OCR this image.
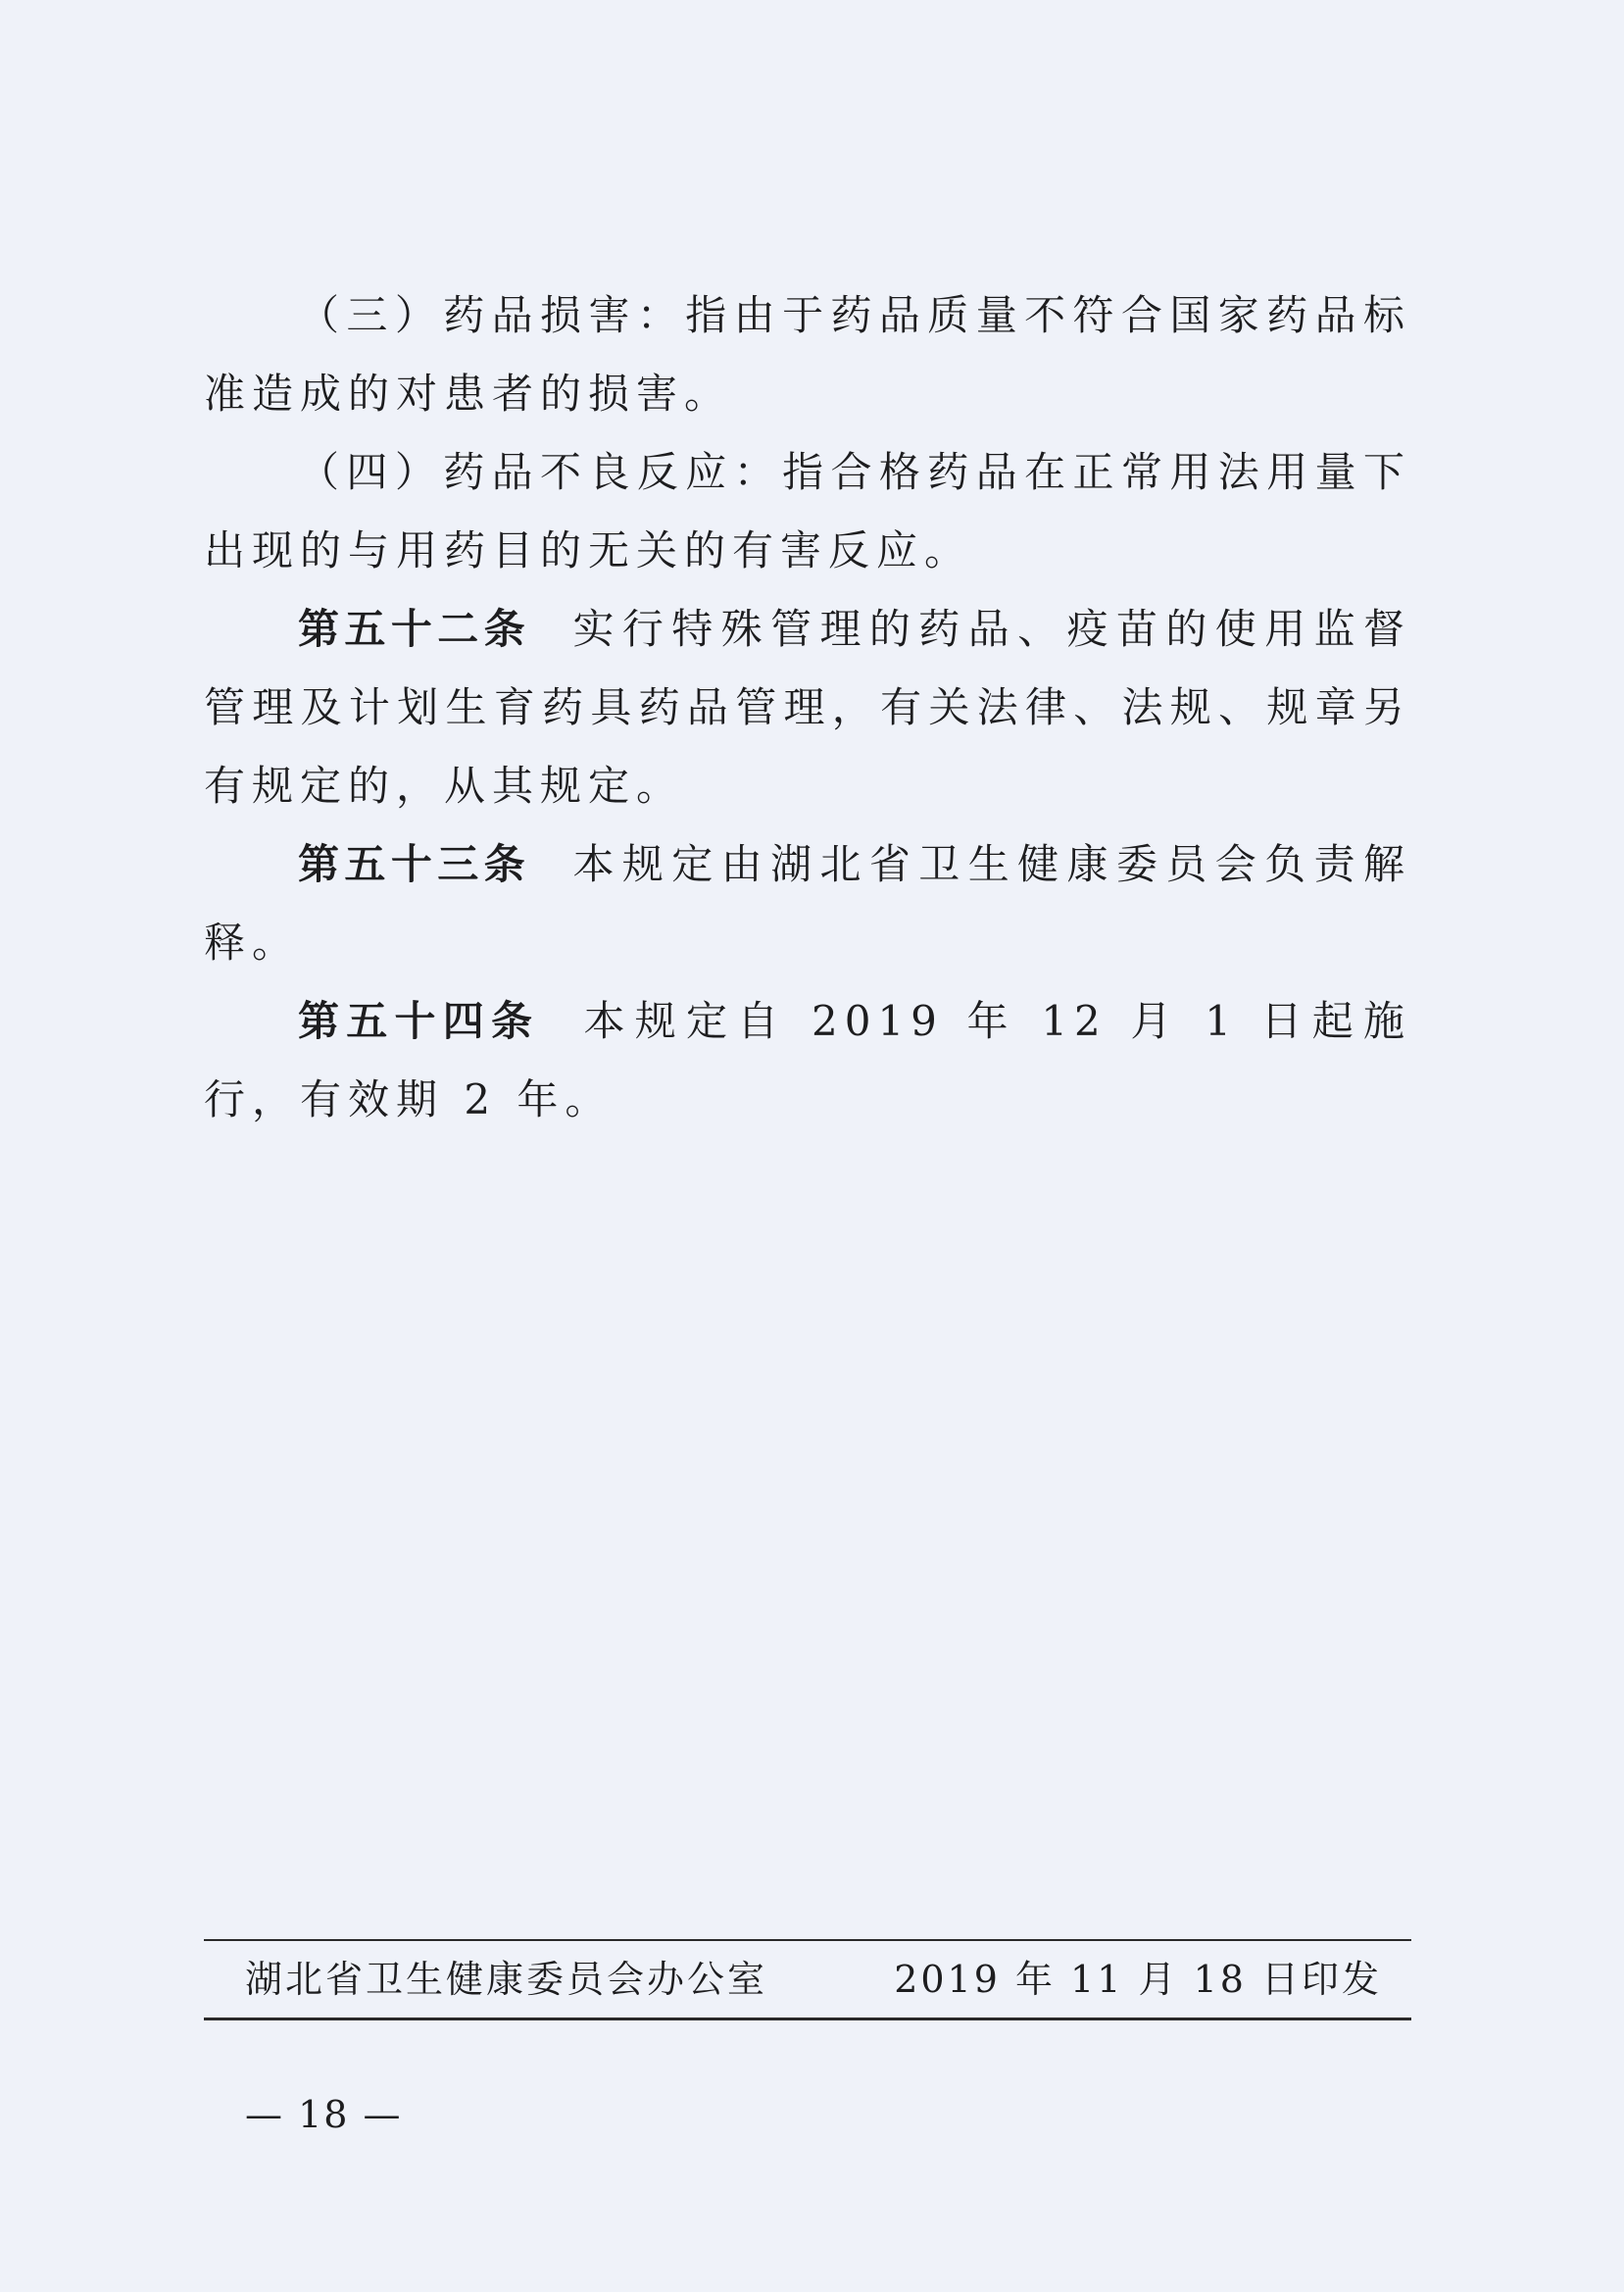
（三）药品损害：指由于药品质量不符合国家药品标准造成的对患者的损害。

（四）药品不良反应：指合格药品在正常用法用量下出现的与用药目的无关的有害反应。

第五十二条 实行特殊管理的药品、疫苗的使用监督管理及计划生育药具药品管理，有关法律、法规、规章另有规定的，从其规定。

第五十三条 本规定由湖北省卫生健康委员会负责解释。

第五十四条 本规定自 2019 年 12 月 1 日起施行，有效期 2 年。

湖北省卫生健康委员会办公室	2019 年 11 月 18 日印发
— 18 —
